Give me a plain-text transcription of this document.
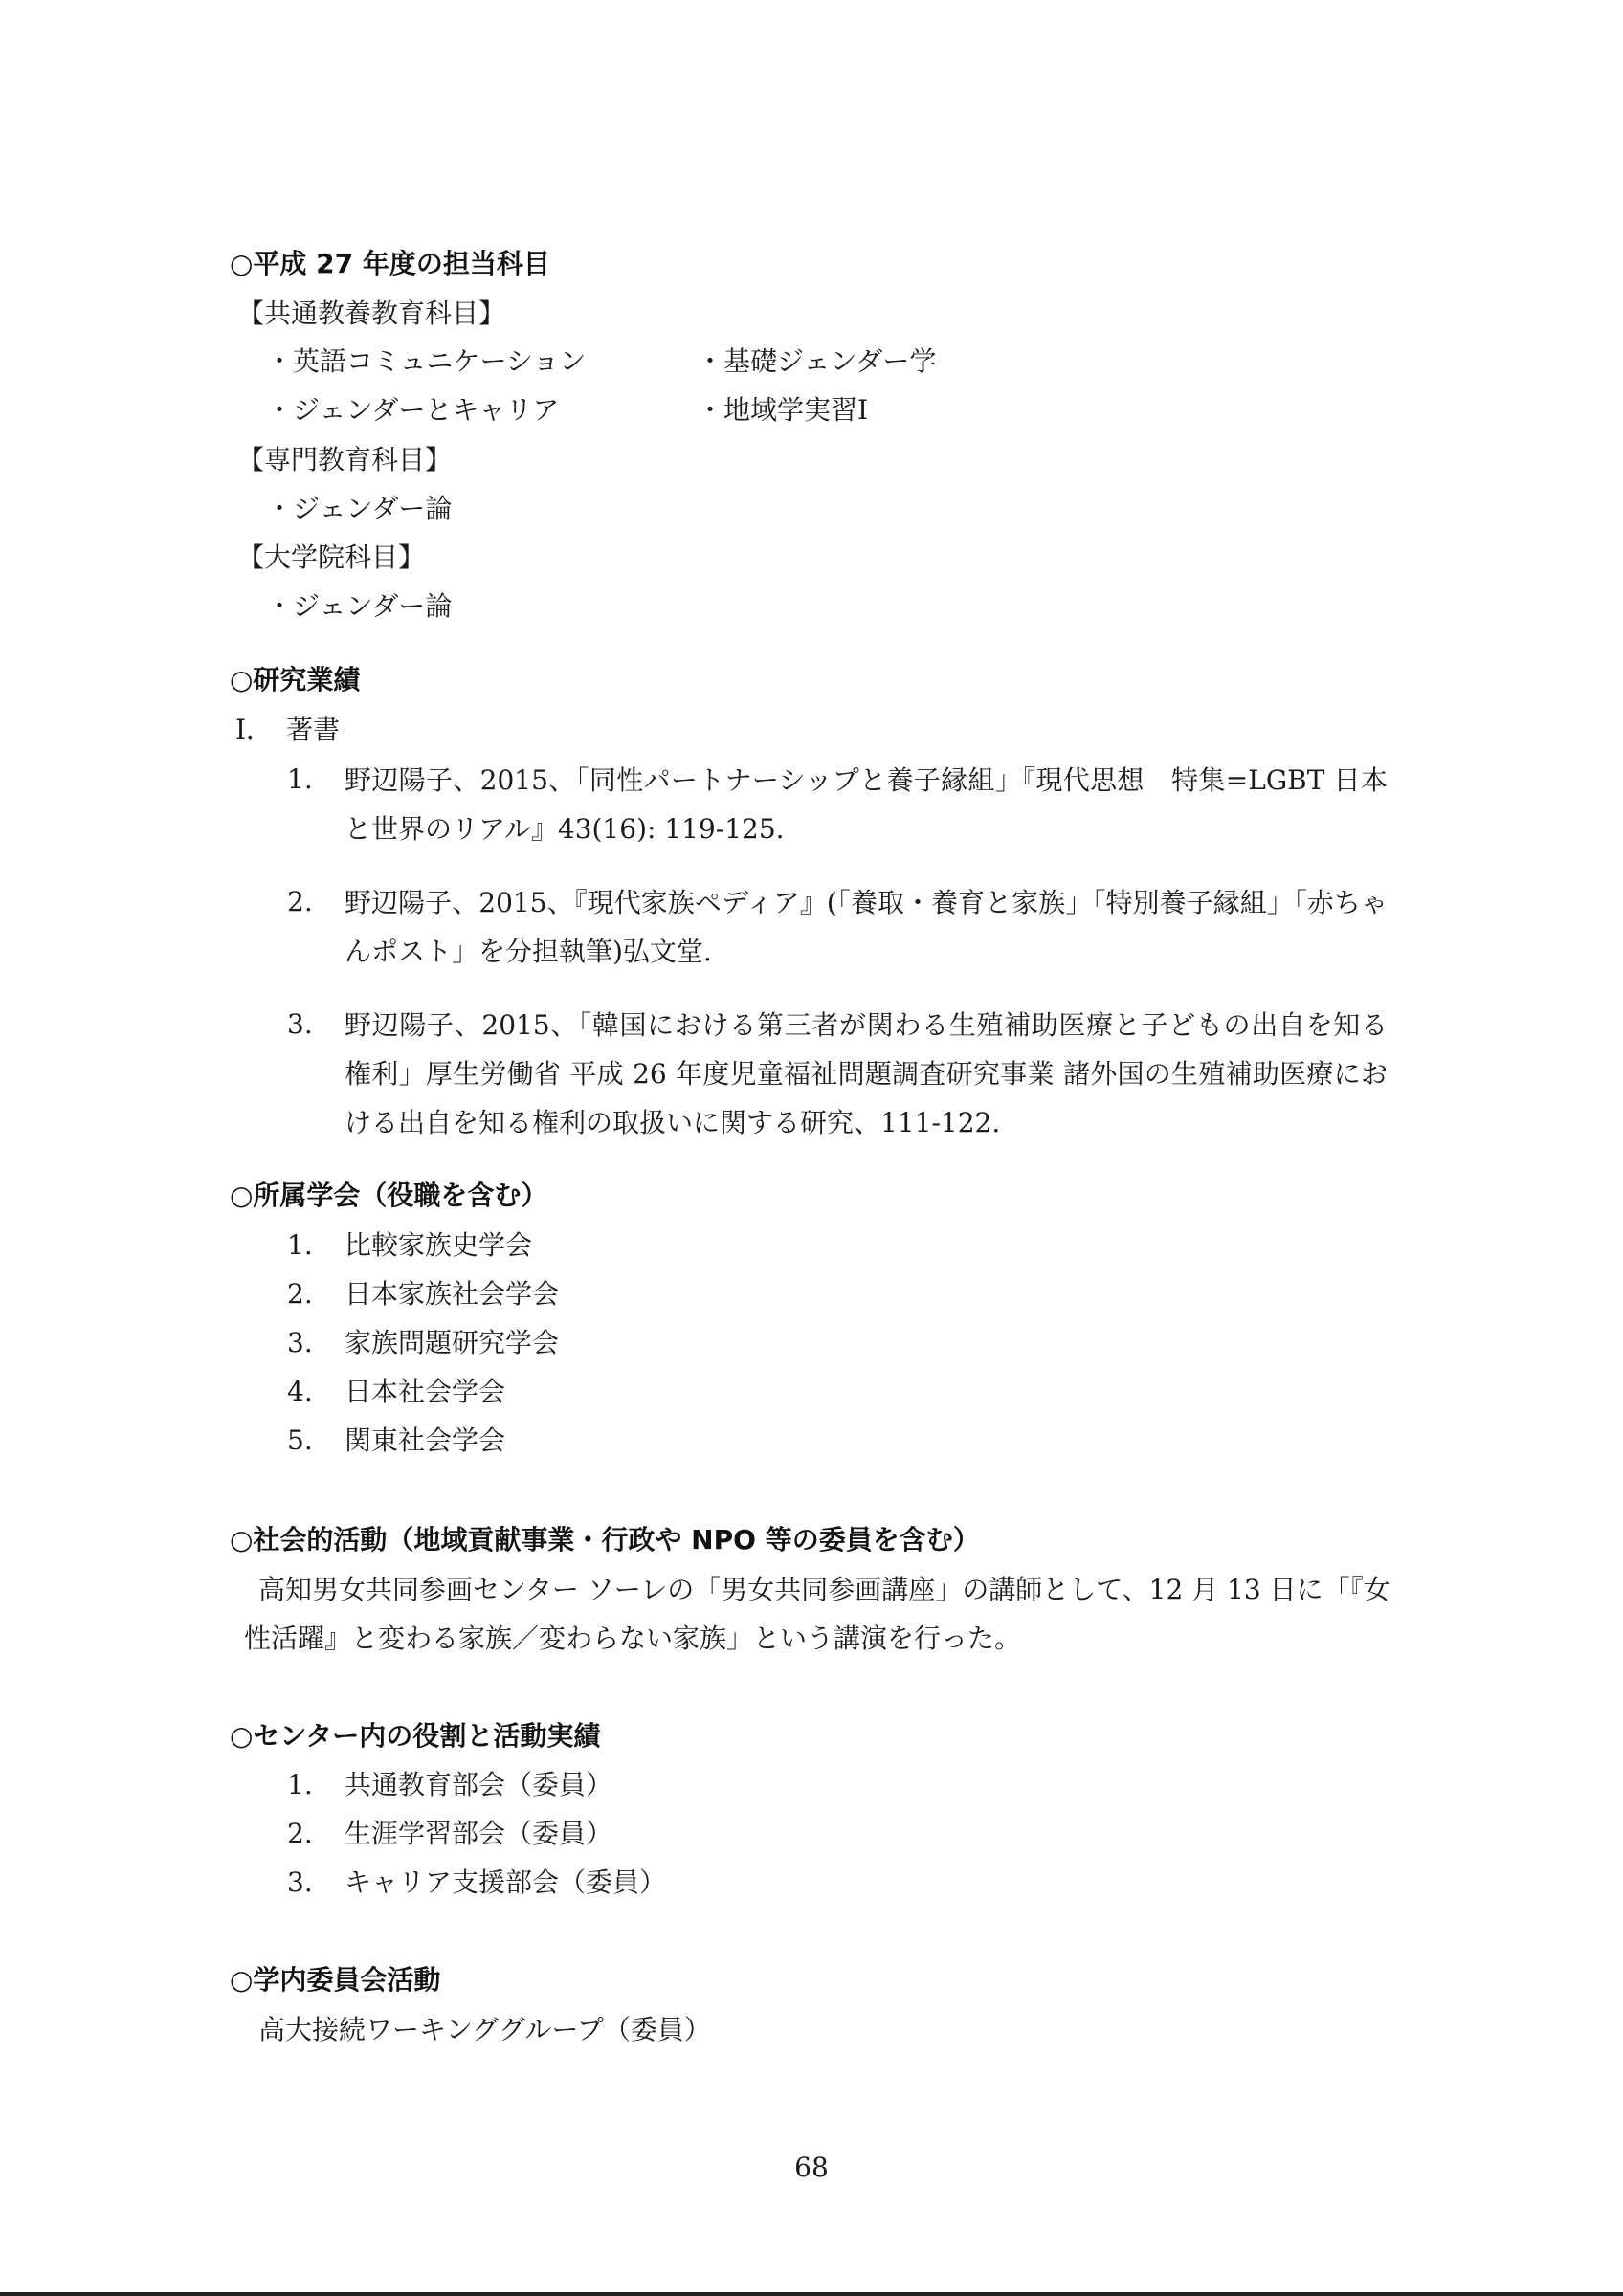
○平成 27 年度の担当科目
【共通教養教育科目】
・英語コミュニケーション	・基礎ジェンダー学
・ジェンダーとキャリア	・地域学実習Ⅰ
【専門教育科目】
・ジェンダー論
【大学院科目】
・ジェンダー論
○研究業績
Ⅰ．　著書
1. 野辺陽子、2015、「同性パートナーシップと養子縁組」『現代思想　特集=LGBT 日本と世界のリアル』43(16): 119-125.
2. 野辺陽子、2015、『現代家族ペディア』(「養取・養育と家族」「特別養子縁組」「赤ちゃんポスト」を分担執筆)弘文堂.
3. 野辺陽子、2015、「韓国における第三者が関わる生殖補助医療と子どもの出自を知る権利」厚生労働省 平成 26 年度児童福祉問題調査研究事業 諸外国の生殖補助医療における出自を知る権利の取扱いに関する研究、111-122.
○所属学会（役職を含む）
1. 比較家族史学会
2. 日本家族社会学会
3. 家族問題研究学会
4. 日本社会学会
5. 関東社会学会
○社会的活動（地域貢献事業・行政や NPO 等の委員を含む）
高知男女共同参画センター ソーレの「男女共同参画講座」の講師として、12 月 13 日に「『女性活躍』と変わる家族／変わらない家族」という講演を行った。
○センター内の役割と活動実績
1. 共通教育部会（委員）
2. 生涯学習部会（委員）
3. キャリア支援部会（委員）
○学内委員会活動
高大接続ワーキンググループ（委員）
68
